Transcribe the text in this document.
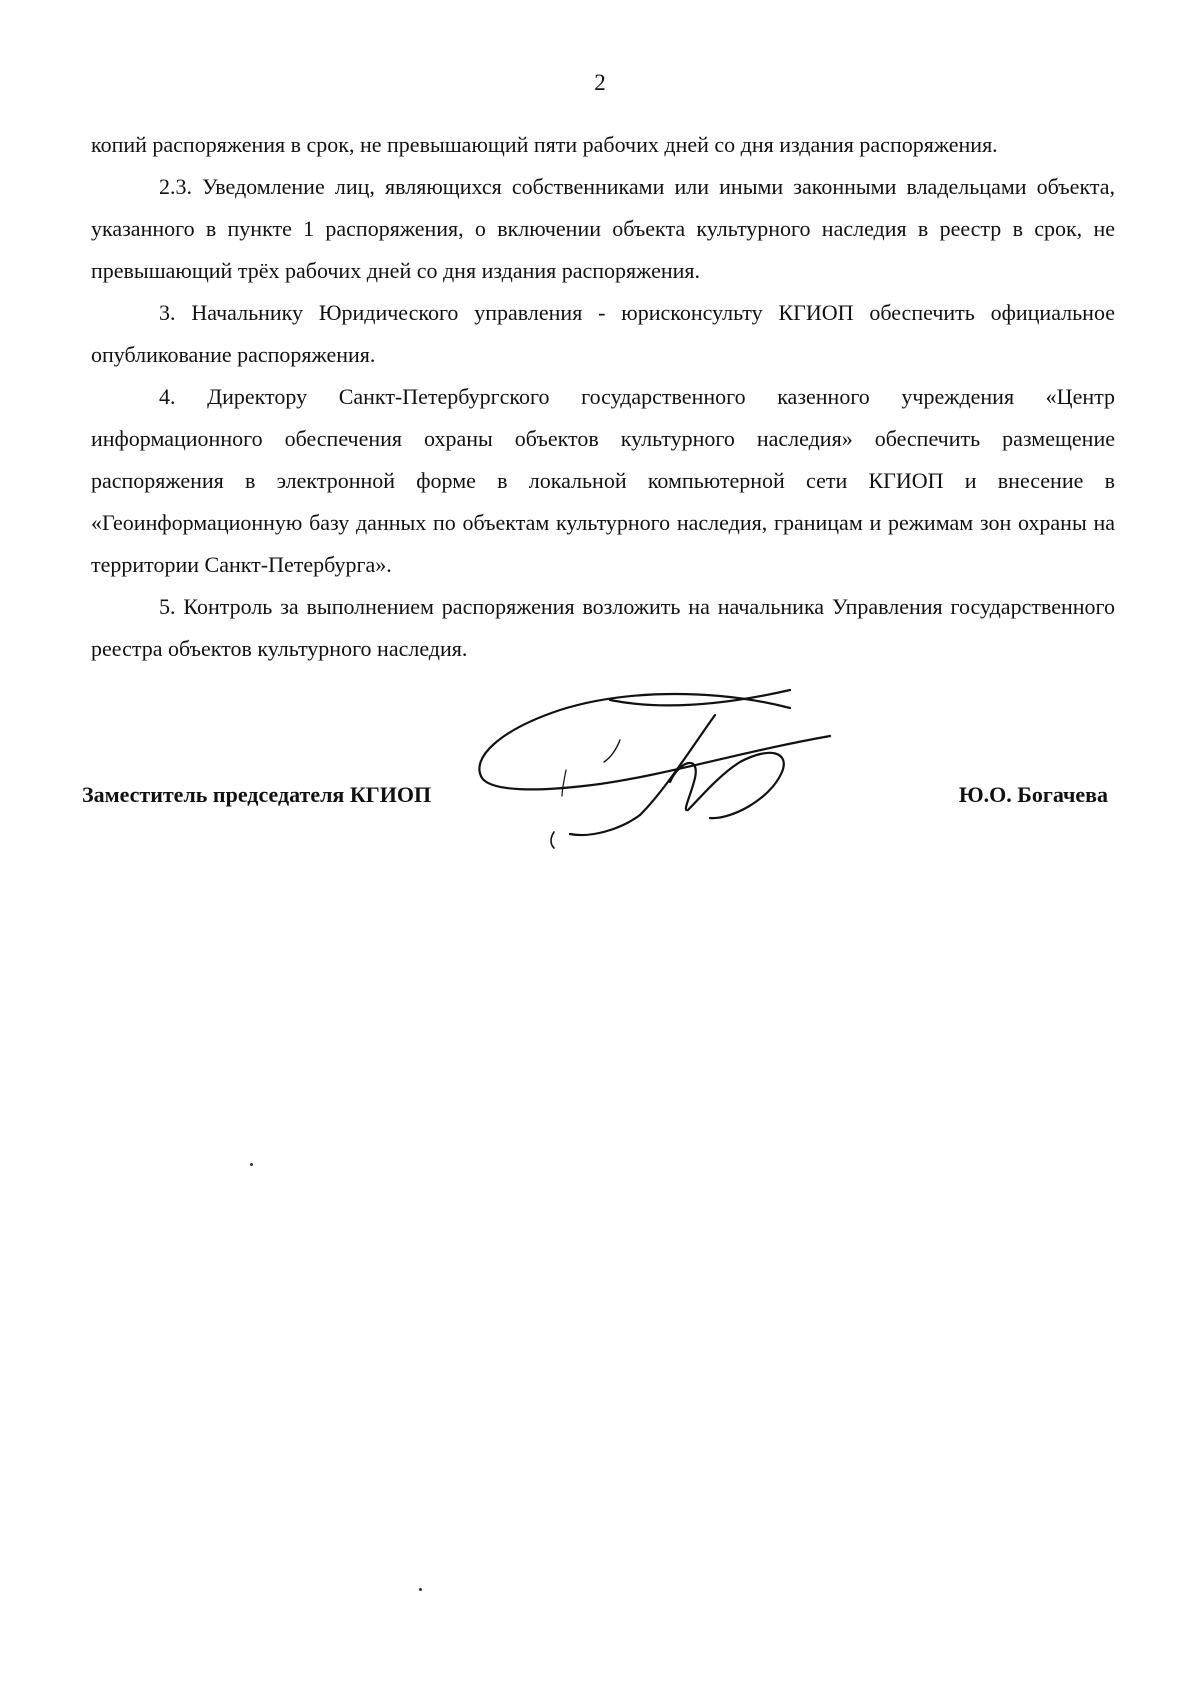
2

копий распоряжения в срок, не превышающий пяти рабочих дней со дня издания распоряжения.

2.3. Уведомление лиц, являющихся собственниками или иными законными владельцами объекта, указанного в пункте 1 распоряжения, о включении объекта культурного наследия в реестр в срок, не превышающий трёх рабочих дней со дня издания распоряжения.

3. Начальнику Юридического управления - юрисконсульту КГИОП обеспечить официальное опубликование распоряжения.

4. Директору Санкт-Петербургского государственного казенного учреждения «Центр информационного обеспечения охраны объектов культурного наследия» обеспечить размещение распоряжения в электронной форме в локальной компьютерной сети КГИОП и внесение в «Геоинформационную базу данных по объектам культурного наследия, границам и режимам зон охраны на территории Санкт-Петербурга».

5. Контроль за выполнением распоряжения возложить на начальника Управления государственного реестра объектов культурного наследия.

Заместитель председателя КГИОП	Ю.О. Богачева
